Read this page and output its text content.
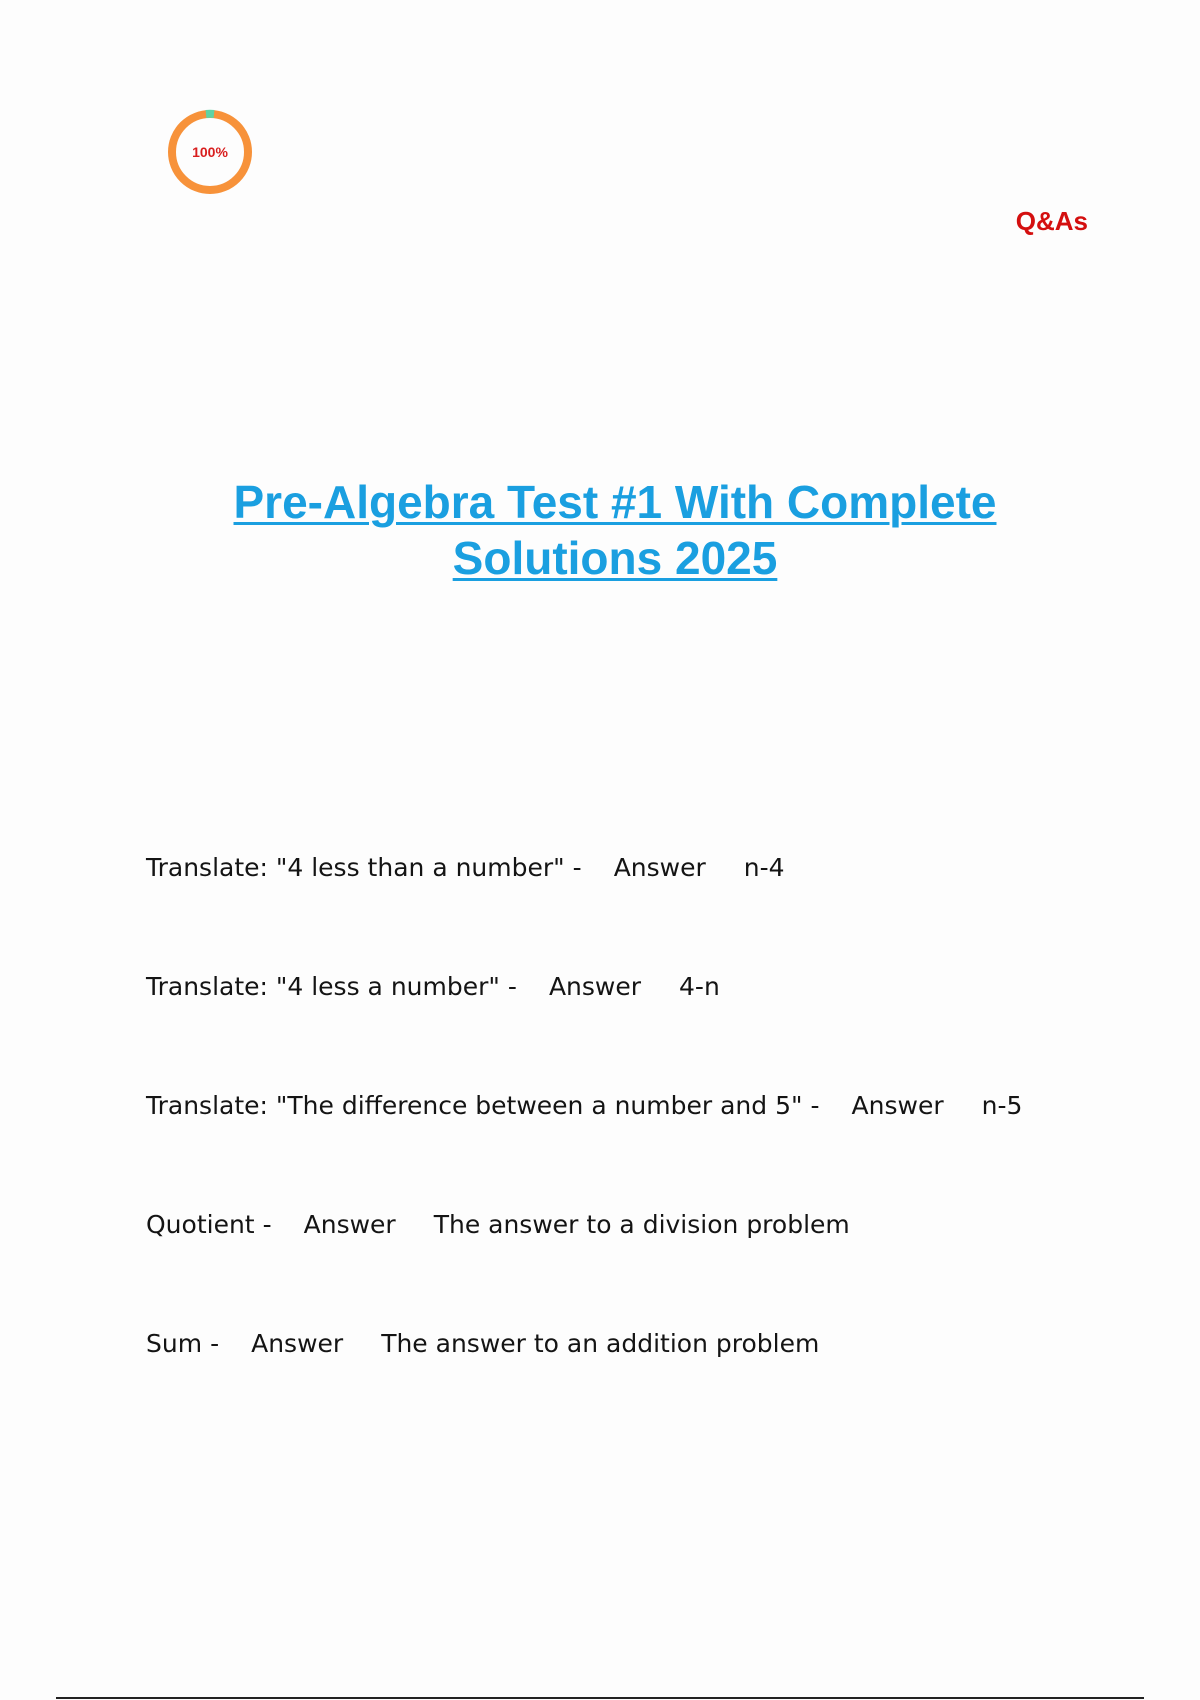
100%
Q&As
Pre-Algebra Test #1 With Complete
Solutions 2025
Translate: "4 less than a number" - Answer n-4
Translate: "4 less a number" - Answer 4-n
Translate: "The difference between a number and 5" - Answer n-5
Quotient - Answer The answer to a division problem
Sum - Answer The answer to an addition problem
